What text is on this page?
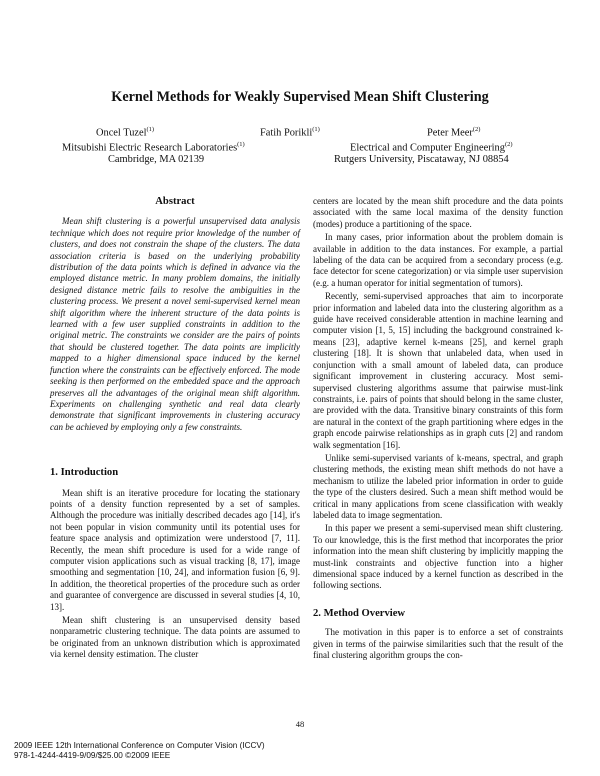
Kernel Methods for Weakly Supervised Mean Shift Clustering
Oncel Tuzel$^{(1)}$	Fatih Porikli$^{(1)}$	Peter Meer$^{(2)}$
Mitsubishi Electric Research Laboratories$^{(1)}$
Cambridge, MA 02139
Electrical and Computer Engineering$^{(2)}$
Rutgers University, Piscataway, NJ 08854
Abstract

Mean shift clustering is a powerful unsupervised data analysis technique which does not require prior knowledge of the number of clusters, and does not constrain the shape of the clusters. The data association criteria is based on the underlying probability distribution of the data points which is defined in advance via the employed distance metric. In many problem domains, the initially designed distance metric fails to resolve the ambiguities in the clustering process. We present a novel semi-supervised kernel mean shift algorithm where the inherent structure of the data points is learned with a few user supplied constraints in addition to the original metric. The constraints we consider are the pairs of points that should be clustered together. The data points are implicitly mapped to a higher dimensional space induced by the kernel function where the constraints can be effectively enforced. The mode seeking is then performed on the embedded space and the approach preserves all the advantages of the original mean shift algorithm. Experiments on challenging synthetic and real data clearly demonstrate that significant improvements in clustering accuracy can be achieved by employing only a few constraints.

1. Introduction

Mean shift is an iterative procedure for locating the stationary points of a density function represented by a set of samples. Although the procedure was initially described decades ago [14], it's not been popular in vision community until its potential uses for feature space analysis and optimization were understood [7, 11]. Recently, the mean shift procedure is used for a wide range of computer vision applications such as visual tracking [8, 17], image smoothing and segmentation [10, 24], and information fusion [6, 9]. In addition, the theoretical properties of the procedure such as order and guarantee of convergence are discussed in several studies [4, 10, 13].

Mean shift clustering is an unsupervised density based nonparametric clustering technique. The data points are assumed to be originated from an unknown distribution which is approximated via kernel density estimation. The cluster

centers are located by the mean shift procedure and the data points associated with the same local maxima of the density function (modes) produce a partitioning of the space.

In many cases, prior information about the problem domain is available in addition to the data instances. For example, a partial labeling of the data can be acquired from a secondary process (e.g. face detector for scene categorization) or via simple user supervision (e.g. a human operator for initial segmentation of tumors).

Recently, semi-supervised approaches that aim to incorporate prior information and labeled data into the clustering algorithm as a guide have received considerable attention in machine learning and computer vision [1, 5, 15] including the background constrained k-means [23], adaptive kernel k-means [25], and kernel graph clustering [18]. It is shown that unlabeled data, when used in conjunction with a small amount of labeled data, can produce significant improvement in clustering accuracy. Most semi-supervised clustering algorithms assume that pairwise must-link constraints, i.e. pairs of points that should belong in the same cluster, are provided with the data. Transitive binary constraints of this form are natural in the context of the graph partitioning where edges in the graph encode pairwise relationships as in graph cuts [2] and random walk segmentation [16].

Unlike semi-supervised variants of k-means, spectral, and graph clustering methods, the existing mean shift methods do not have a mechanism to utilize the labeled prior information in order to guide the type of the clusters desired. Such a mean shift method would be critical in many applications from scene classification with weakly labeled data to image segmentation.

In this paper we present a semi-supervised mean shift clustering. To our knowledge, this is the first method that incorporates the prior information into the mean shift clustering by implicitly mapping the must-link constraints and objective function into a higher dimensional space induced by a kernel function as described in the following sections.

2. Method Overview

The motivation in this paper is to enforce a set of constraints given in terms of the pairwise similarities such that the result of the final clustering algorithm groups the con-

48
2009 IEEE 12th International Conference on Computer Vision (ICCV)
978-1-4244-4419-9/09/$25.00 ©2009 IEEE
